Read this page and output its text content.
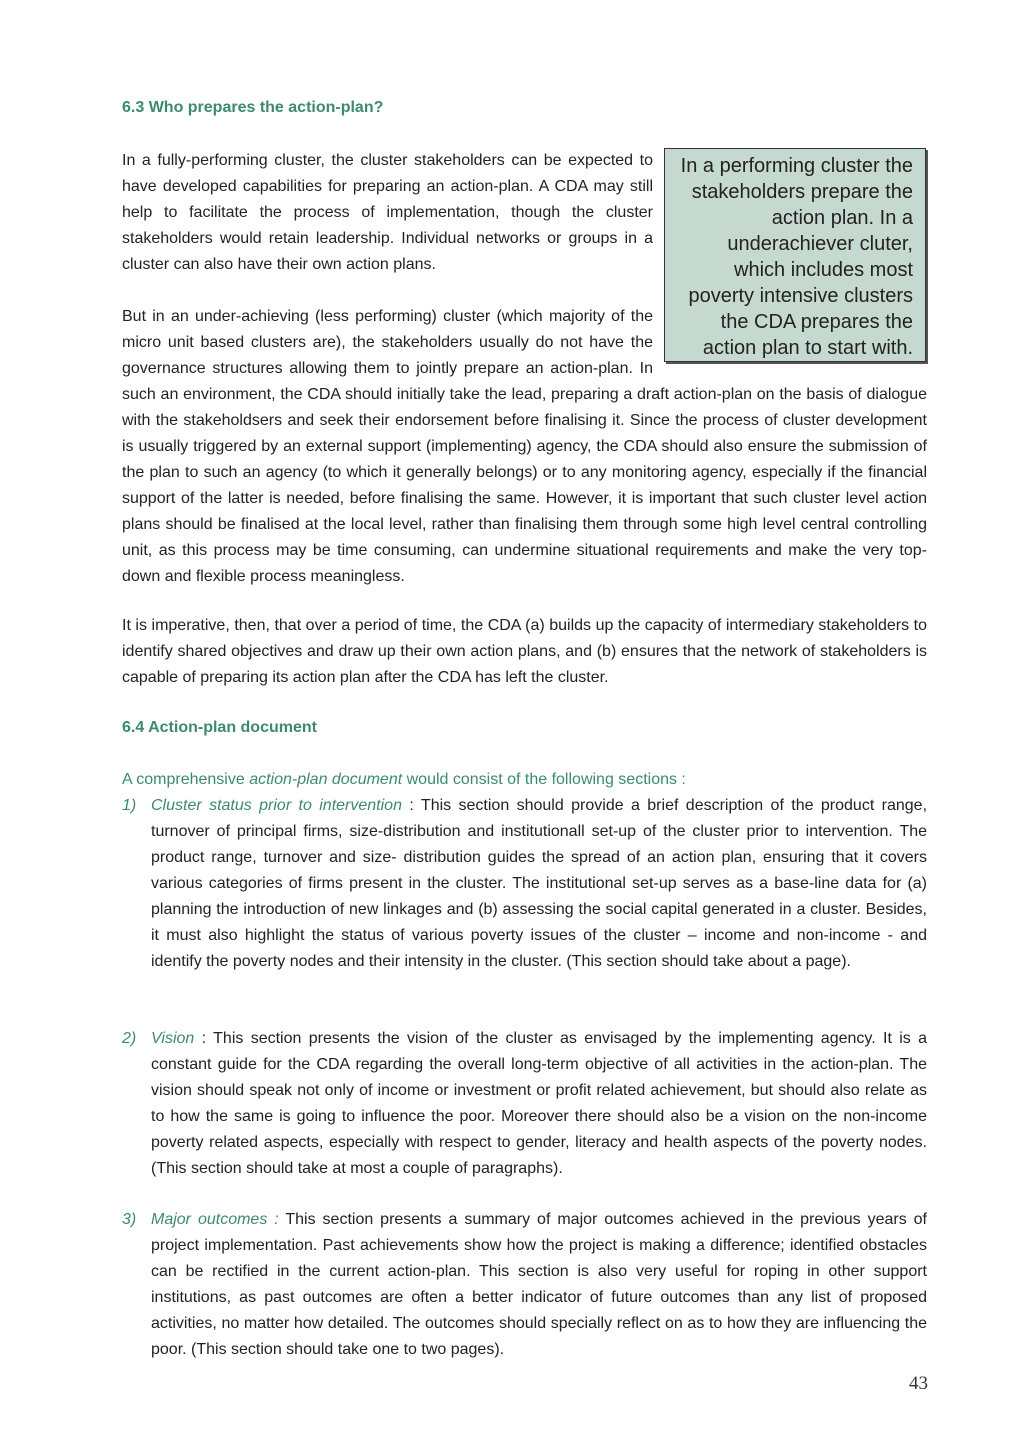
6.3 Who prepares the action-plan?
In a performing cluster the stakeholders prepare the action plan. In a underachiever cluter, which includes most poverty intensive clusters the CDA prepares the action plan to start with.
In a fully-performing cluster, the cluster stakeholders can be expected to have developed capabilities for preparing an action-plan. A CDA may still help to facilitate the process of implementation, though the cluster stakeholders would retain leadership. Individual networks or groups in a cluster can also have their own action plans.

But in an under-achieving (less performing) cluster (which majority of the micro unit based clusters are), the stakeholders usually do not have the governance structures allowing them to jointly prepare an action-plan. In such an environment, the CDA should initially take the lead, preparing a draft action-plan on the basis of dialogue with the stakeholdsers and seek their endorsement before finalising it. Since the process of cluster development is usually triggered by an external support (implementing) agency, the CDA should also ensure the submission of the plan to such an agency (to which it generally belongs) or to any monitoring agency, especially if the financial support of the latter is needed, before finalising the same. However, it is important that such cluster level action plans should be finalised at the local level, rather than finalising them through some high level central controlling unit, as this process may be time consuming, can undermine situational requirements and make the very top-down and flexible process meaningless.

It is imperative, then, that over a period of time, the CDA (a) builds up the capacity of intermediary stakeholders to identify shared objectives and draw up their own action plans, and (b) ensures that the network of stakeholders is capable of preparing its action plan after the CDA has left the cluster.

6.4 Action-plan document

A comprehensive action-plan document would consist of the following sections :

1) Cluster status prior to intervention : This section should provide a brief description of the product range, turnover of principal firms, size-distribution and institutionall set-up of the cluster prior to intervention. The product range, turnover and size- distribution guides the spread of an action plan, ensuring that it covers various categories of firms present in the cluster. The institutional set-up serves as a base-line data for (a) planning the introduction of new linkages and (b) assessing the social capital generated in a cluster. Besides, it must also highlight the status of various poverty issues of the cluster – income and non-income - and identify the poverty nodes and their intensity in the cluster. (This section should take about a page).
2) Vision : This section presents the vision of the cluster as envisaged by the implementing agency. It is a constant guide for the CDA regarding the overall long-term objective of all activities in the action-plan. The vision should speak not only of income or investment or profit related achievement, but should also relate as to how the same is going to influence the poor. Moreover there should also be a vision on the non-income poverty related aspects, especially with respect to gender, literacy and health aspects of the poverty nodes. (This section should take at most a couple of paragraphs).
3) Major outcomes : This section presents a summary of major outcomes achieved in the previous years of project implementation. Past achievements show how the project is making a difference; identified obstacles can be rectified in the current action-plan. This section is also very useful for roping in other support institutions, as past outcomes are often a better indicator of future outcomes than any list of proposed activities, no matter how detailed. The outcomes should specially reflect on as to how they are influencing the poor. (This section should take one to two pages).
43
